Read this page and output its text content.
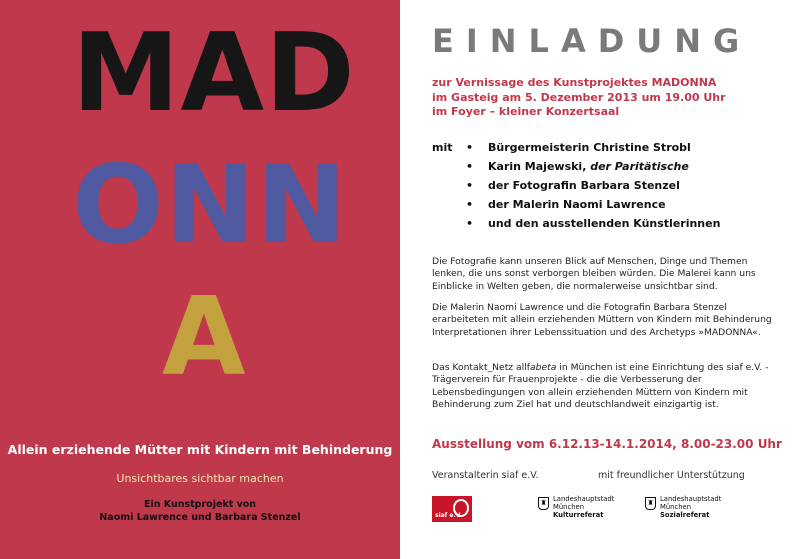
MAD
ONN
A
Allein erziehende Mütter mit Kindern mit Behinderung
Unsichtbares sichtbar machen
Ein Kunstprojekt von
Naomi Lawrence und Barbara Stenzel
EINLADUNG
zur Vernissage des Kunstprojektes MADONNA
im Gasteig am 5. Dezember 2013 um 19.00 Uhr
im Foyer – kleiner Konzertsaal
mit • Bürgermeisterin Christine Strobl
• Karin Majewski, der Paritätische
• der Fotografin Barbara Stenzel
• der Malerin Naomi Lawrence
• und den ausstellenden Künstlerinnen
Die Fotografie kann unseren Blick auf Menschen, Dinge und Themen lenken, die uns sonst verborgen bleiben würden. Die Malerei kann uns Einblicke in Welten geben, die normalerweise unsichtbar sind.
Die Malerin Naomi Lawrence und die Fotografin Barbara Stenzel erarbeiteten mit allein erziehenden Müttern von Kindern mit Behinderung Interpretationen ihrer Lebenssituation und des Archetyps »MADONNA«.
Das Kontakt_Netz allfabeta in München ist eine Einrichtung des siaf e.V. - Trägerverein für Frauenprojekte - die die Verbesserung der Lebensbedingungen von allein erziehenden Müttern von Kindern mit Behinderung zum Ziel hat und deutschlandweit einzigartig ist.
Ausstellung vom 6.12.13-14.1.2014, 8.00-23.00 Uhr
Veranstalterin siaf e.V.	mit freundlicher Unterstützung
siaf e.V.
♜ Landeshauptstadt
München
Kulturreferat
♜ Landeshauptstadt
München
Sozialreferat
